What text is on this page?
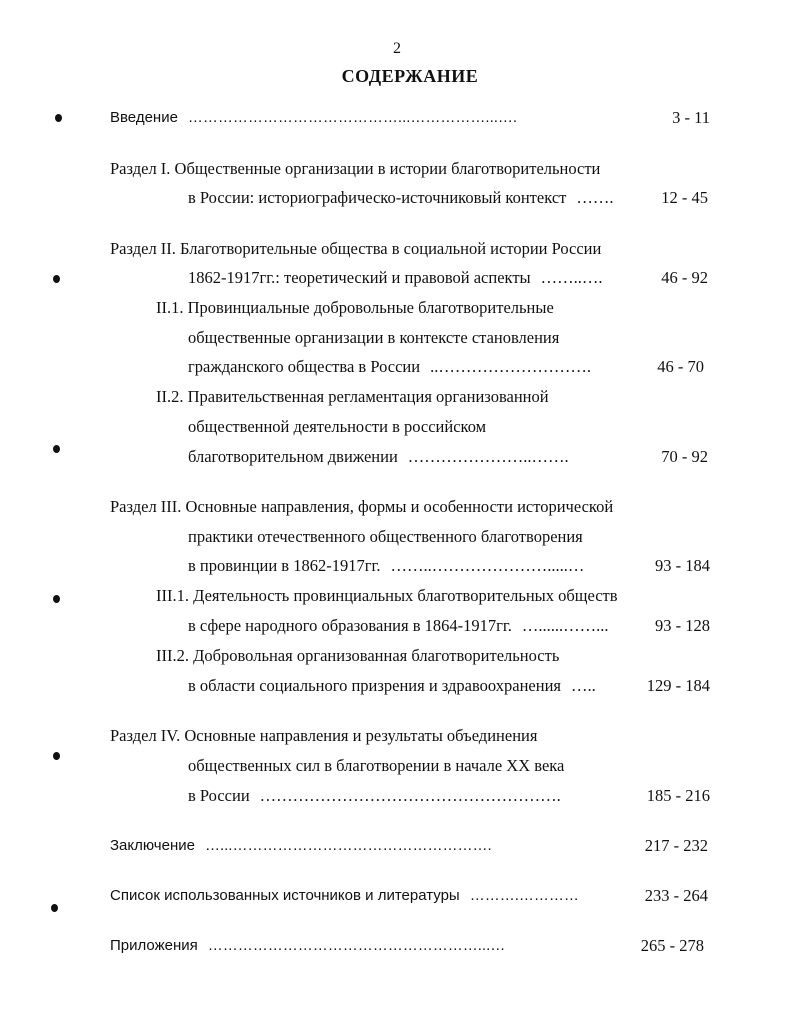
2
СОДЕРЖАНИЕ
Введение ……………………………………...……………...….	3 - 11
Раздел I. Общественные организации в истории благотворительности
в России: историографическо-источниковый контекст …….	12 - 45
Раздел II. Благотворительные общества в социальной истории России
1862-1917гг.: теоретический и правовой аспекты ……..….	46 - 92
II.1. Провинциальные добровольные благотворительные
общественные организации в контексте становления
гражданского общества в России ..……………………….	46 - 70
II.2. Правительственная регламентация организованной
общественной деятельности в российском
благотворительном движении …………………..…….	70 - 92
Раздел III. Основные направления, формы и особенности исторической
практики отечественного общественного благотворения
в провинции в 1862-1917гг. ……..………………….....…	93 - 184
III.1. Деятельность провинциальных благотворительных обществ
в сфере народного образования в 1864-1917гг. …......……...	93 - 128
III.2. Добровольная организованная благотворительность
в области социального призрения и здравоохранения …..	129 - 184
Раздел IV. Основные направления и результаты объединения
общественных сил в благотворении в начале XX века
в России ……………………………………………….	185 - 216
Заключение …...…………………………………………….	217 - 232
Список использованных источников и литературы ……….…………	233 - 264
Приложения ………………………………………………...…	265 - 278
